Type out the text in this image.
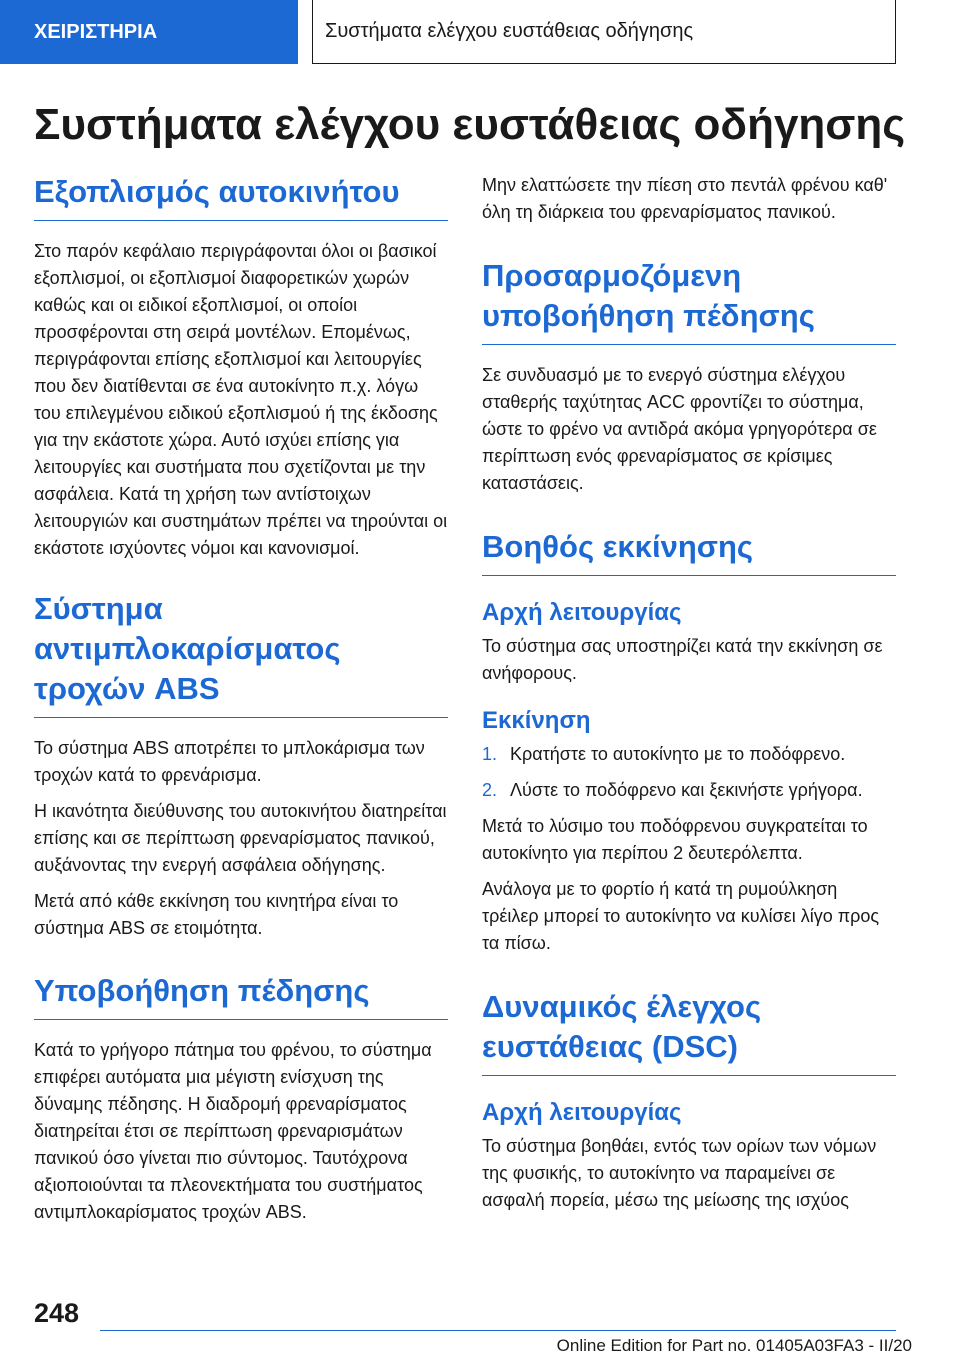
ΧΕΙΡΙΣΤΗΡΙΑ	Συστήματα ελέγχου ευστάθειας οδήγησης
Συστήματα ελέγχου ευστάθειας οδήγησης
Εξοπλισμός αυτοκινήτου

Στο παρόν κεφάλαιο περιγράφονται όλοι οι βασικοί εξοπλισμοί, οι εξοπλισμοί διαφορετικών χωρών καθώς και οι ειδικοί εξοπλισμοί, οι οποίοι προσφέρονται στη σειρά μοντέλων. Επομένως, περιγράφονται επίσης εξοπλισμοί και λειτουργίες που δεν διατίθενται σε ένα αυτοκίνητο π.χ. λόγω του επιλεγμένου ειδικού εξοπλισμού ή της έκδοσης για την εκάστοτε χώρα. Αυτό ισχύει επίσης για λειτουργίες και συστήματα που σχετίζονται με την ασφάλεια. Κατά τη χρήση των αντίστοιχων λειτουργιών και συστημάτων πρέπει να τηρούνται οι εκάστοτε ισχύοντες νόμοι και κανονισμοί.

Σύστημα αντιμπλοκαρίσματος τροχών ABS

Το σύστημα ABS αποτρέπει το μπλοκάρισμα των τροχών κατά το φρενάρισμα.

Η ικανότητα διεύθυνσης του αυτοκινήτου διατηρείται επίσης και σε περίπτωση φρεναρίσματος πανικού, αυξάνοντας την ενεργή ασφάλεια οδήγησης.

Μετά από κάθε εκκίνηση του κινητήρα είναι το σύστημα ABS σε ετοιμότητα.

Υποβοήθηση πέδησης

Κατά το γρήγορο πάτημα του φρένου, το σύστημα επιφέρει αυτόματα μια μέγιστη ενίσχυση της δύναμης πέδησης. Η διαδρομή φρεναρίσματος διατηρείται έτσι σε περίπτωση φρεναρισμάτων πανικού όσο γίνεται πιο σύντομος. Ταυτόχρονα αξιοποιούνται τα πλεονεκτήματα του συστήματος αντιμπλοκαρίσματος τροχών ABS.

Μην ελαττώσετε την πίεση στο πεντάλ φρένου καθ' όλη τη διάρκεια του φρεναρίσματος πανικού.

Προσαρμοζόμενη υποβοήθηση πέδησης

Σε συνδυασμό με το ενεργό σύστημα ελέγχου σταθερής ταχύτητας ACC φροντίζει το σύστημα, ώστε το φρένο να αντιδρά ακόμα γρηγορότερα σε περίπτωση ενός φρεναρίσματος σε κρίσιμες καταστάσεις.

Βοηθός εκκίνησης
Αρχή λειτουργίας

Το σύστημα σας υποστηρίζει κατά την εκκίνηση σε ανήφορους.

Εκκίνηση
1. Κρατήστε το αυτοκίνητο με το ποδόφρενο.
2. Λύστε το ποδόφρενο και ξεκινήστε γρήγορα.

Μετά το λύσιμο του ποδόφρενου συγκρατείται το αυτοκίνητο για περίπου 2 δευτερόλεπτα.

Ανάλογα με το φορτίο ή κατά τη ρυμούλκηση τρέιλερ μπορεί το αυτοκίνητο να κυλίσει λίγο προς τα πίσω.

Δυναμικός έλεγχος ευστάθειας (DSC)
Αρχή λειτουργίας

Το σύστημα βοηθάει, εντός των ορίων των νόμων της φυσικής, το αυτοκίνητο να παραμείνει σε ασφαλή πορεία, μέσω της μείωσης της ισχύος

248
Online Edition for Part no. 01405A03FA3 - II/20
